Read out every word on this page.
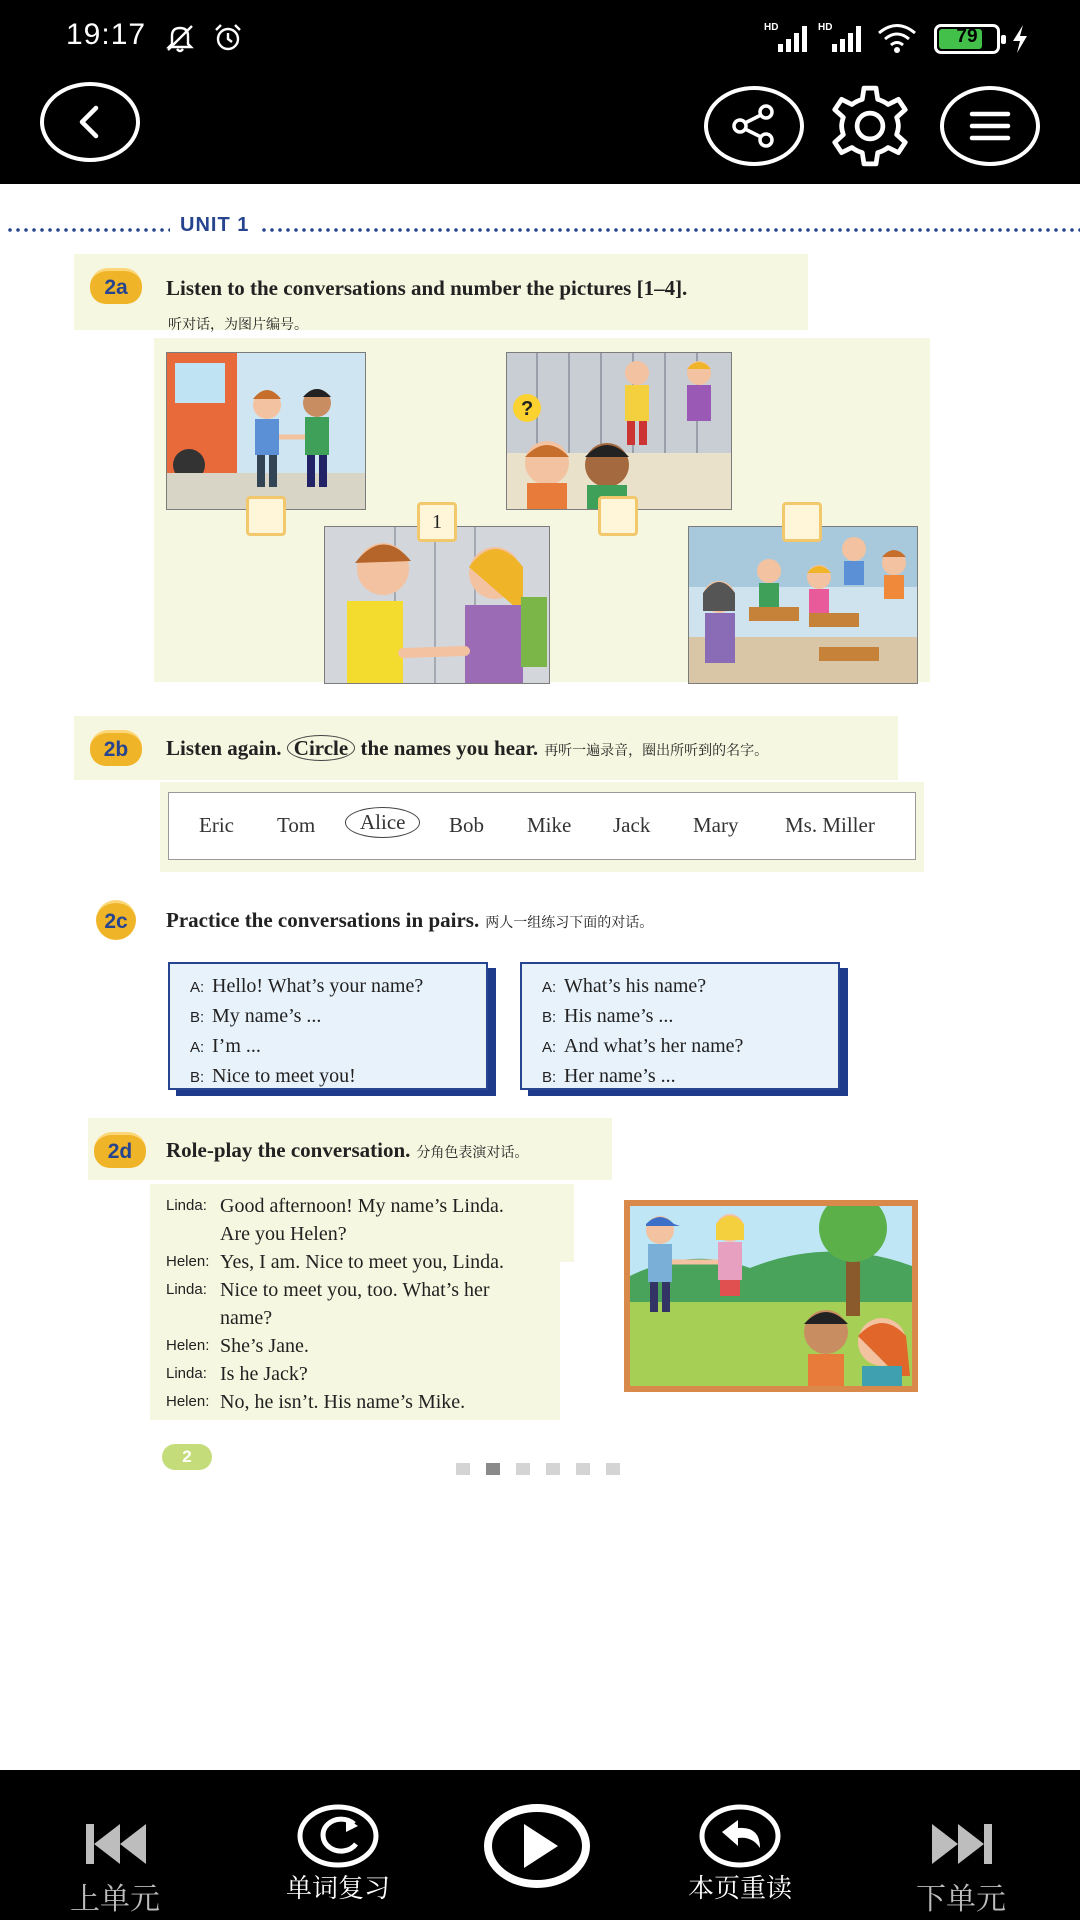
19:17	HD	HD	79
UNIT 1
2a	Listen to the conversations and number the pictures [1–4].
听对话，为图片编号。
?
1
2b	Listen again. Circle the names you hear. 再听一遍录音，圈出所听到的名字。
Eric Tom	Alice	Bob Mike Jack Mary Ms. Miller
2c	Practice the conversations in pairs. 两人一组练习下面的对话。
A: Hello! What’s your name?
B: My name’s ...
A: I’m ...
B: Nice to meet you!
A: What’s his name?
B: His name’s ...
A: And what’s her name?
B: Her name’s ...
2d	Role-play the conversation. 分角色表演对话。
Linda: Good afternoon! My name’s Linda.
Are you Helen?
Helen: Yes, I am. Nice to meet you, Linda.
Linda: Nice to meet you, too. What’s her
name?
Helen: She’s Jane.
Linda: Is he Jack?
Helen: No, he isn’t. His name’s Mike.
2
上单元	单词复习	本页重读	下单元
